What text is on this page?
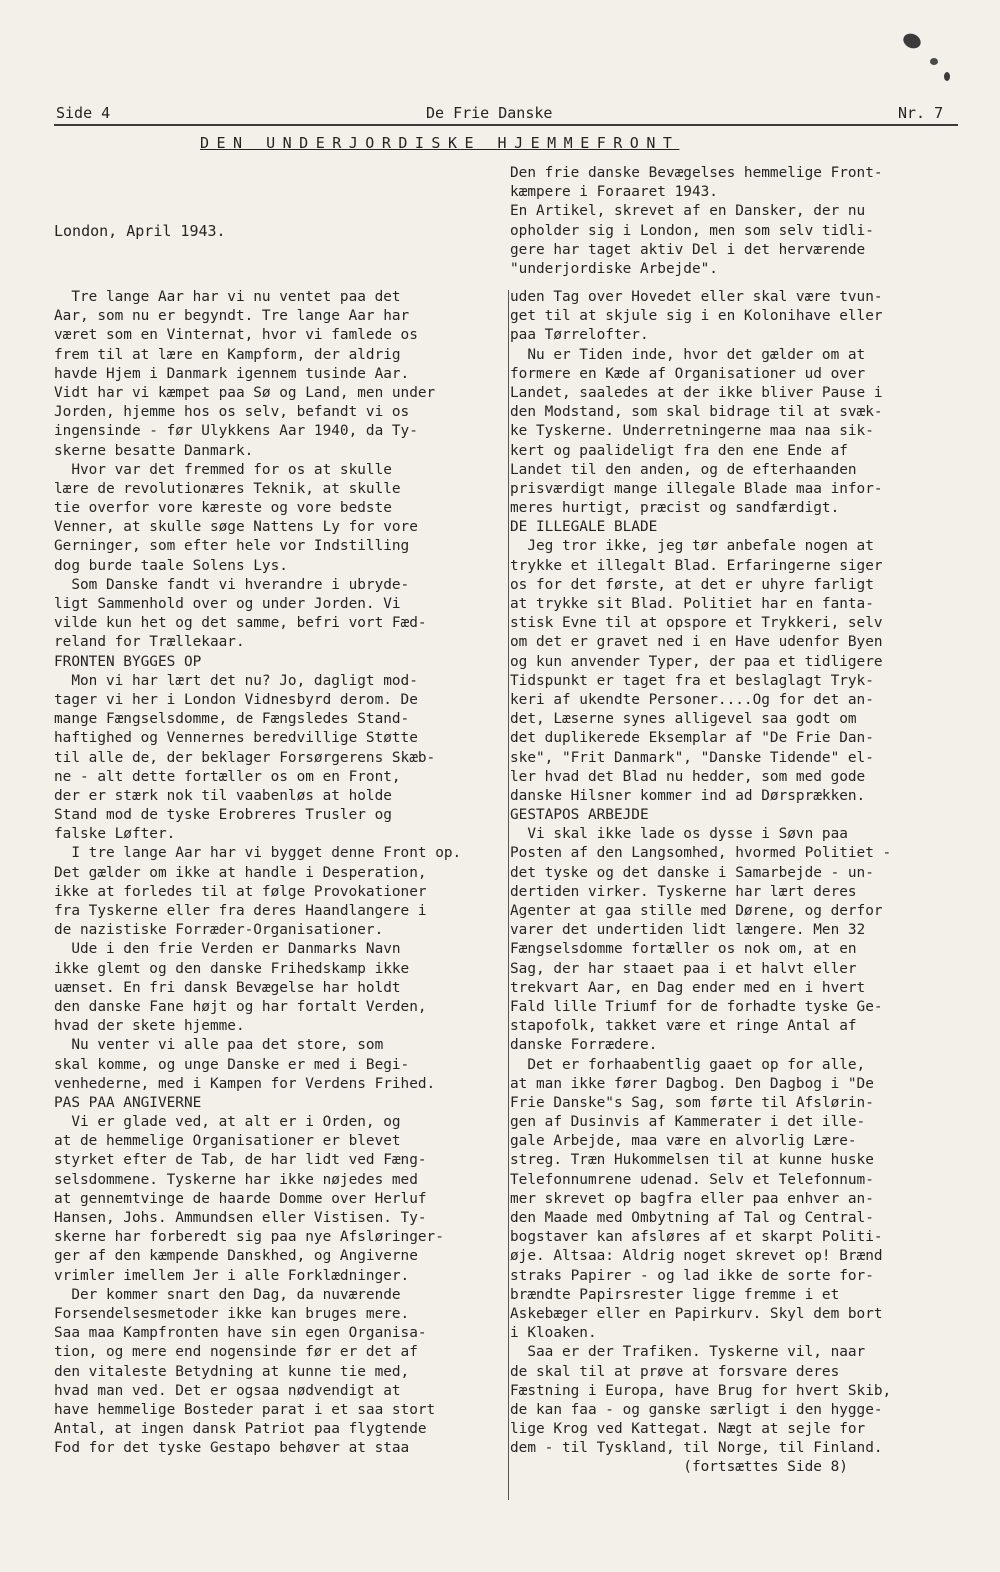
Side 4	De Frie Danske	Nr. 7
DEN UNDERJORDISKE HJEMMEFRONT
Den frie danske Bevægelses hemmelige Front-
kæmpere i Foraaret 1943.
En Artikel, skrevet af en Dansker, der nu
opholder sig i London, men som selv tidli-
gere har taget aktiv Del i det herværende
"underjordiske Arbejde".
London, April 1943.
Tre lange Aar har vi nu ventet paa det
Aar, som nu er begyndt. Tre lange Aar har
været som en Vinternat, hvor vi famlede os
frem til at lære en Kampform, der aldrig
havde Hjem i Danmark igennem tusinde Aar.
Vidt har vi kæmpet paa Sø og Land, men under
Jorden, hjemme hos os selv, befandt vi os
ingensinde - før Ulykkens Aar 1940, da Ty-
skerne besatte Danmark.
Hvor var det fremmed for os at skulle
lære de revolutionæres Teknik, at skulle
tie overfor vore kæreste og vore bedste
Venner, at skulle søge Nattens Ly for vore
Gerninger, som efter hele vor Indstilling
dog burde taale Solens Lys.
Som Danske fandt vi hverandre i ubryde-
ligt Sammenhold over og under Jorden. Vi
vilde kun het og det samme, befri vort Fæd-
reland for Trællekaar.
FRONTEN BYGGES OP
Mon vi har lært det nu? Jo, dagligt mod-
tager vi her i London Vidnesbyrd derom. De
mange Fængselsdomme, de Fængsledes Stand-
haftighed og Vennernes beredvillige Støtte
til alle de, der beklager Forsørgerens Skæb-
ne - alt dette fortæller os om en Front,
der er stærk nok til vaabenløs at holde
Stand mod de tyske Erobreres Trusler og
falske Løfter.
I tre lange Aar har vi bygget denne Front op.
Det gælder om ikke at handle i Desperation,
ikke at forledes til at følge Provokationer
fra Tyskerne eller fra deres Haandlangere i
de nazistiske Forræder-Organisationer.
Ude i den frie Verden er Danmarks Navn
ikke glemt og den danske Frihedskamp ikke
uænset. En fri dansk Bevægelse har holdt
den danske Fane højt og har fortalt Verden,
hvad der skete hjemme.
Nu venter vi alle paa det store, som
skal komme, og unge Danske er med i Begi-
venhederne, med i Kampen for Verdens Frihed.
PAS PAA ANGIVERNE
Vi er glade ved, at alt er i Orden, og
at de hemmelige Organisationer er blevet
styrket efter de Tab, de har lidt ved Fæng-
selsdommene. Tyskerne har ikke nøjedes med
at gennemtvinge de haarde Domme over Herluf
Hansen, Johs. Ammundsen eller Vistisen. Ty-
skerne har forberedt sig paa nye Afsløringer-
ger af den kæmpende Danskhed, og Angiverne
vrimler imellem Jer i alle Forklædninger.
Der kommer snart den Dag, da nuværende
Forsendelsesmetoder ikke kan bruges mere.
Saa maa Kampfronten have sin egen Organisa-
tion, og mere end nogensinde før er det af
den vitaleste Betydning at kunne tie med,
hvad man ved. Det er ogsaa nødvendigt at
have hemmelige Bosteder parat i et saa stort
Antal, at ingen dansk Patriot paa flygtende
Fod for det tyske Gestapo behøver at staa
uden Tag over Hovedet eller skal være tvun-
get til at skjule sig i en Kolonihave eller
paa Tørrelofter.
Nu er Tiden inde, hvor det gælder om at
formere en Kæde af Organisationer ud over
Landet, saaledes at der ikke bliver Pause i
den Modstand, som skal bidrage til at svæk-
ke Tyskerne. Underretningerne maa naa sik-
kert og paalideligt fra den ene Ende af
Landet til den anden, og de efterhaanden
prisværdigt mange illegale Blade maa infor-
meres hurtigt, præcist og sandfærdigt.
DE ILLEGALE BLADE
Jeg tror ikke, jeg tør anbefale nogen at
trykke et illegalt Blad. Erfaringerne siger
os for det første, at det er uhyre farligt
at trykke sit Blad. Politiet har en fanta-
stisk Evne til at opspore et Trykkeri, selv
om det er gravet ned i en Have udenfor Byen
og kun anvender Typer, der paa et tidligere
Tidspunkt er taget fra et beslaglagt Tryk-
keri af ukendte Personer....Og for det an-
det, Læserne synes alligevel saa godt om
det duplikerede Eksemplar af "De Frie Dan-
ske", "Frit Danmark", "Danske Tidende" el-
ler hvad det Blad nu hedder, som med gode
danske Hilsner kommer ind ad Dørsprækken.
GESTAPOS ARBEJDE
Vi skal ikke lade os dysse i Søvn paa
Posten af den Langsomhed, hvormed Politiet -
det tyske og det danske i Samarbejde - un-
dertiden virker. Tyskerne har lært deres
Agenter at gaa stille med Dørene, og derfor
varer det undertiden lidt længere. Men 32
Fængselsdomme fortæller os nok om, at en
Sag, der har staaet paa i et halvt eller
trekvart Aar, en Dag ender med en i hvert
Fald lille Triumf for de forhadte tyske Ge-
stapofolk, takket være et ringe Antal af
danske Forrædere.
Det er forhaabentlig gaaet op for alle,
at man ikke fører Dagbog. Den Dagbog i "De
Frie Danske"s Sag, som førte til Afslørin-
gen af Dusinvis af Kammerater i det ille-
gale Arbejde, maa være en alvorlig Lære-
streg. Træn Hukommelsen til at kunne huske
Telefonnumrene udenad. Selv et Telefonnum-
mer skrevet op bagfra eller paa enhver an-
den Maade med Ombytning af Tal og Central-
bogstaver kan afsløres af et skarpt Politi-
øje. Altsaa: Aldrig noget skrevet op! Brænd
straks Papirer - og lad ikke de sorte for-
brændte Papirsrester ligge fremme i et
Askebæger eller en Papirkurv. Skyl dem bort
i Kloaken.
Saa er der Trafiken. Tyskerne vil, naar
de skal til at prøve at forsvare deres
Fæstning i Europa, have Brug for hvert Skib,
de kan faa - og ganske særligt i den hygge-
lige Krog ved Kattegat. Nægt at sejle for
dem - til Tyskland, til Norge, til Finland.
(fortsættes Side 8)
